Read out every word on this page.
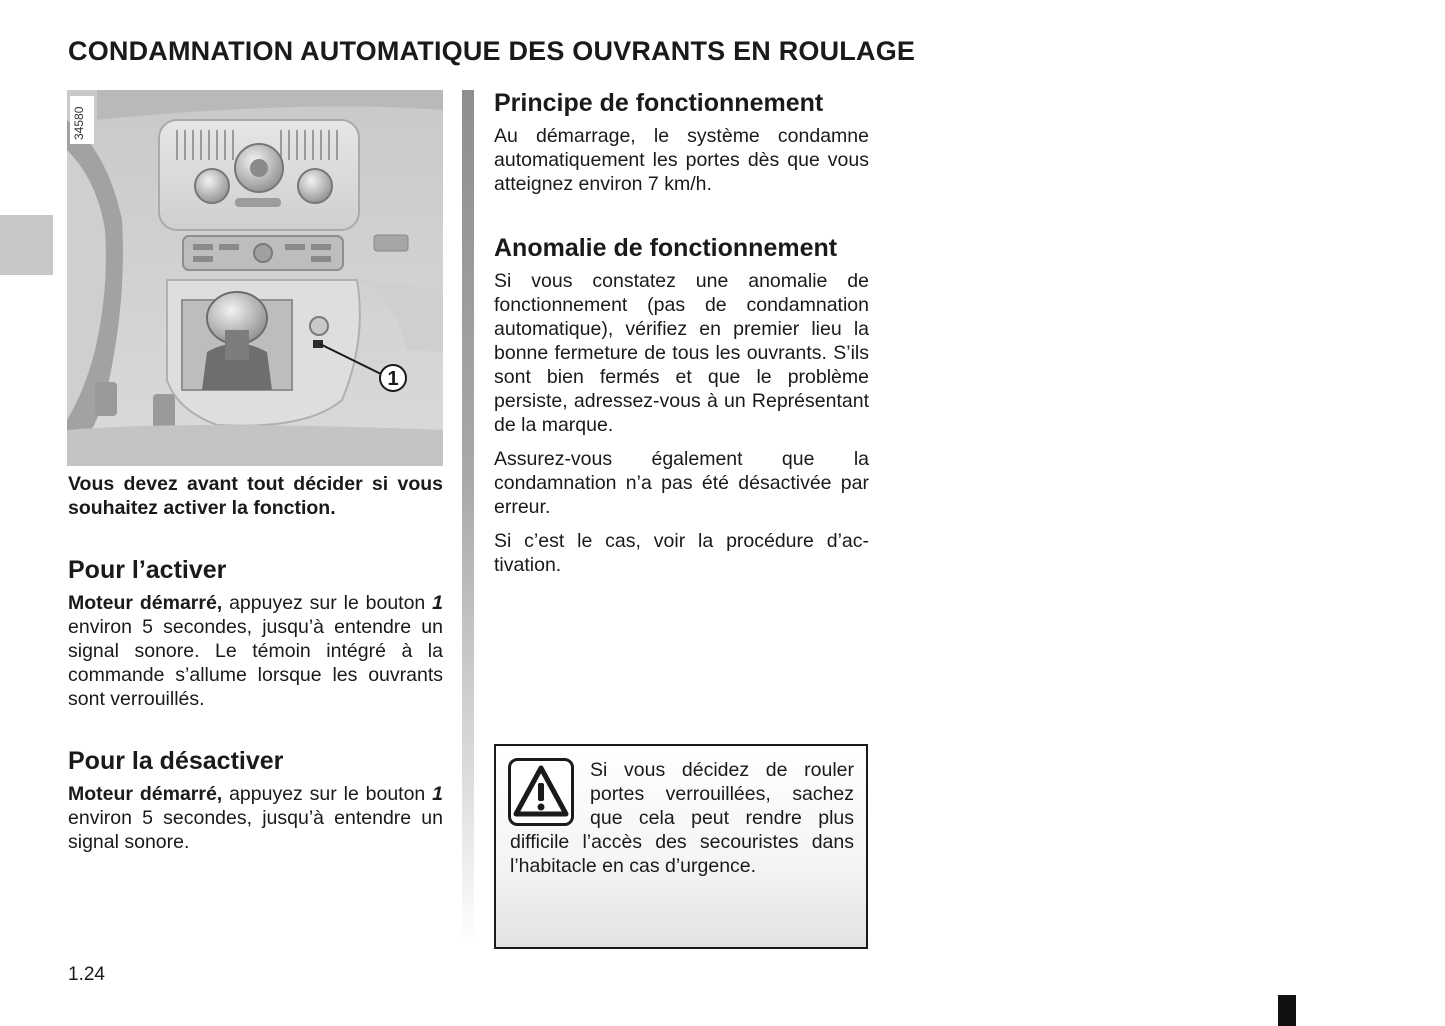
CONDAMNATION AUTOMATIQUE DES OUVRANTS EN ROULAGE
1
34580

Vous devez avant tout décider si vous souhaitez activer la fonction.

Pour l’activer

Moteur démarré, appuyez sur le bouton 1 environ 5 secondes, jusqu’à entendre un signal sonore. Le témoin intégré à la commande s’allume lorsque les ouvrants sont verrouillés.

Pour la désactiver

Moteur démarré, appuyez sur le bouton 1 environ 5 secondes, jusqu’à entendre un signal sonore.

Principe de fonctionnement

Au démarrage, le système condamne automatiquement les portes dès que vous atteignez environ 7 km/h.

Anomalie de fonctionnement

Si vous constatez une anomalie de fonctionnement (pas de condamnation automatique), vérifiez en premier lieu la bonne fermeture de tous les ouvrants. S’ils sont bien fermés et que le problème persiste, adressez-vous à un Représentant de la marque.

Assurez-vous également que la condamnation n’a pas été désactivée par erreur.

Si c’est le cas, voir la procédure d’activation.

Si vous décidez de rouler portes verrouillées, sachez que cela peut rendre plus difficile l’accès des secouristes dans l’habitacle en cas d’urgence.
1.24
